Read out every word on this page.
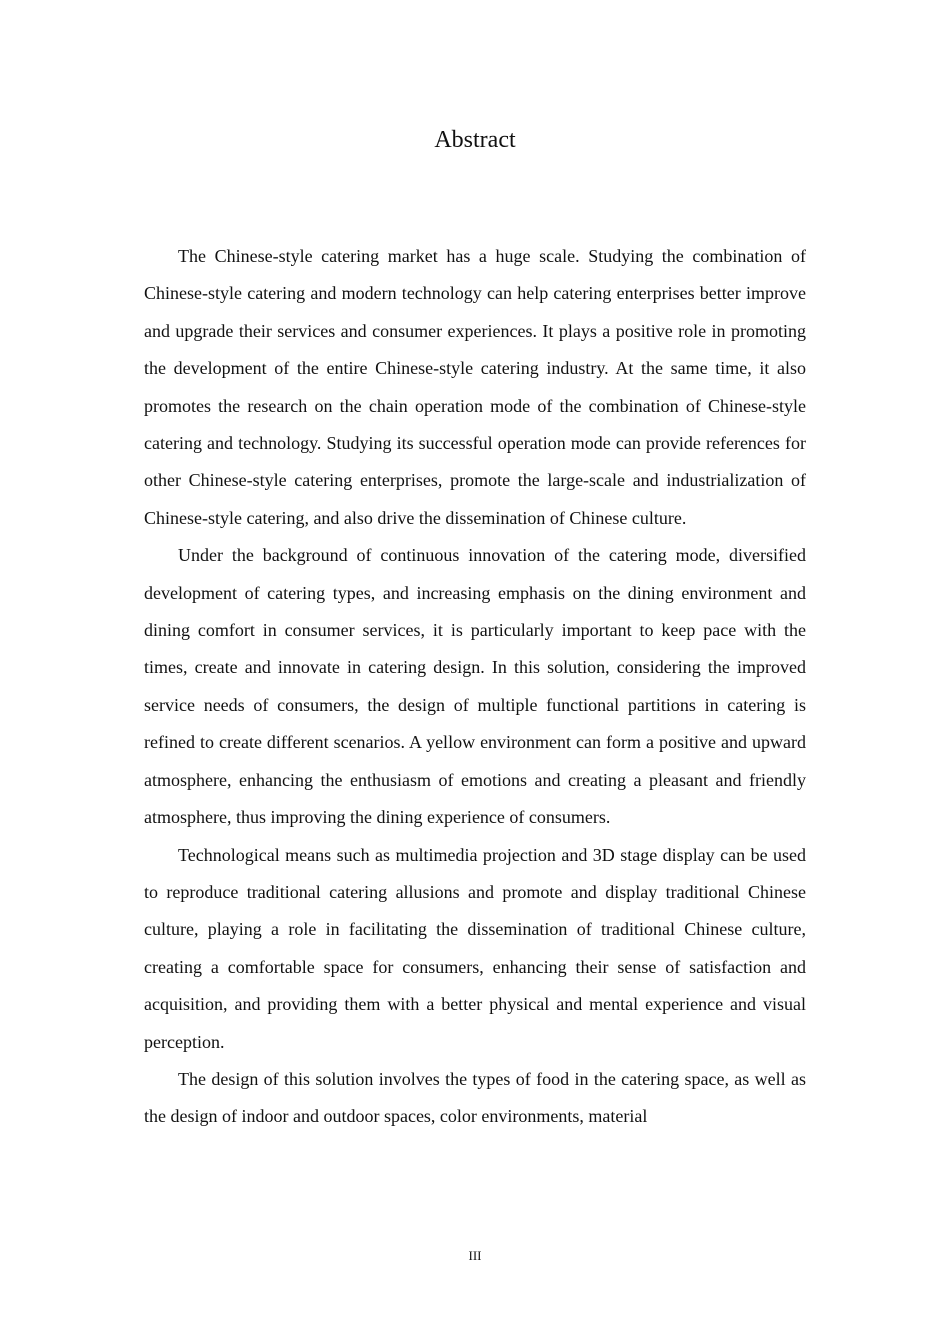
Abstract

The Chinese-style catering market has a huge scale. Studying the combination of Chinese-style catering and modern technology can help catering enterprises better improve and upgrade their services and consumer experiences. It plays a positive role in promoting the development of the entire Chinese-style catering industry. At the same time, it also promotes the research on the chain operation mode of the combination of Chinese-style catering and technology. Studying its successful operation mode can provide references for other Chinese-style catering enterprises, promote the large-scale and industrialization of Chinese-style catering, and also drive the dissemination of Chinese culture.

Under the background of continuous innovation of the catering mode, diversified development of catering types, and increasing emphasis on the dining environment and dining comfort in consumer services, it is particularly important to keep pace with the times, create and innovate in catering design. In this solution, considering the improved service needs of consumers, the design of multiple functional partitions in catering is refined to create different scenarios. A yellow environment can form a positive and upward atmosphere, enhancing the enthusiasm of emotions and creating a pleasant and friendly atmosphere, thus improving the dining experience of consumers.

Technological means such as multimedia projection and 3D stage display can be used to reproduce traditional catering allusions and promote and display traditional Chinese culture, playing a role in facilitating the dissemination of traditional Chinese culture, creating a comfortable space for consumers, enhancing their sense of satisfaction and acquisition, and providing them with a better physical and mental experience and visual perception.

The design of this solution involves the types of food in the catering space, as well as the design of indoor and outdoor spaces, color environments, material

III
